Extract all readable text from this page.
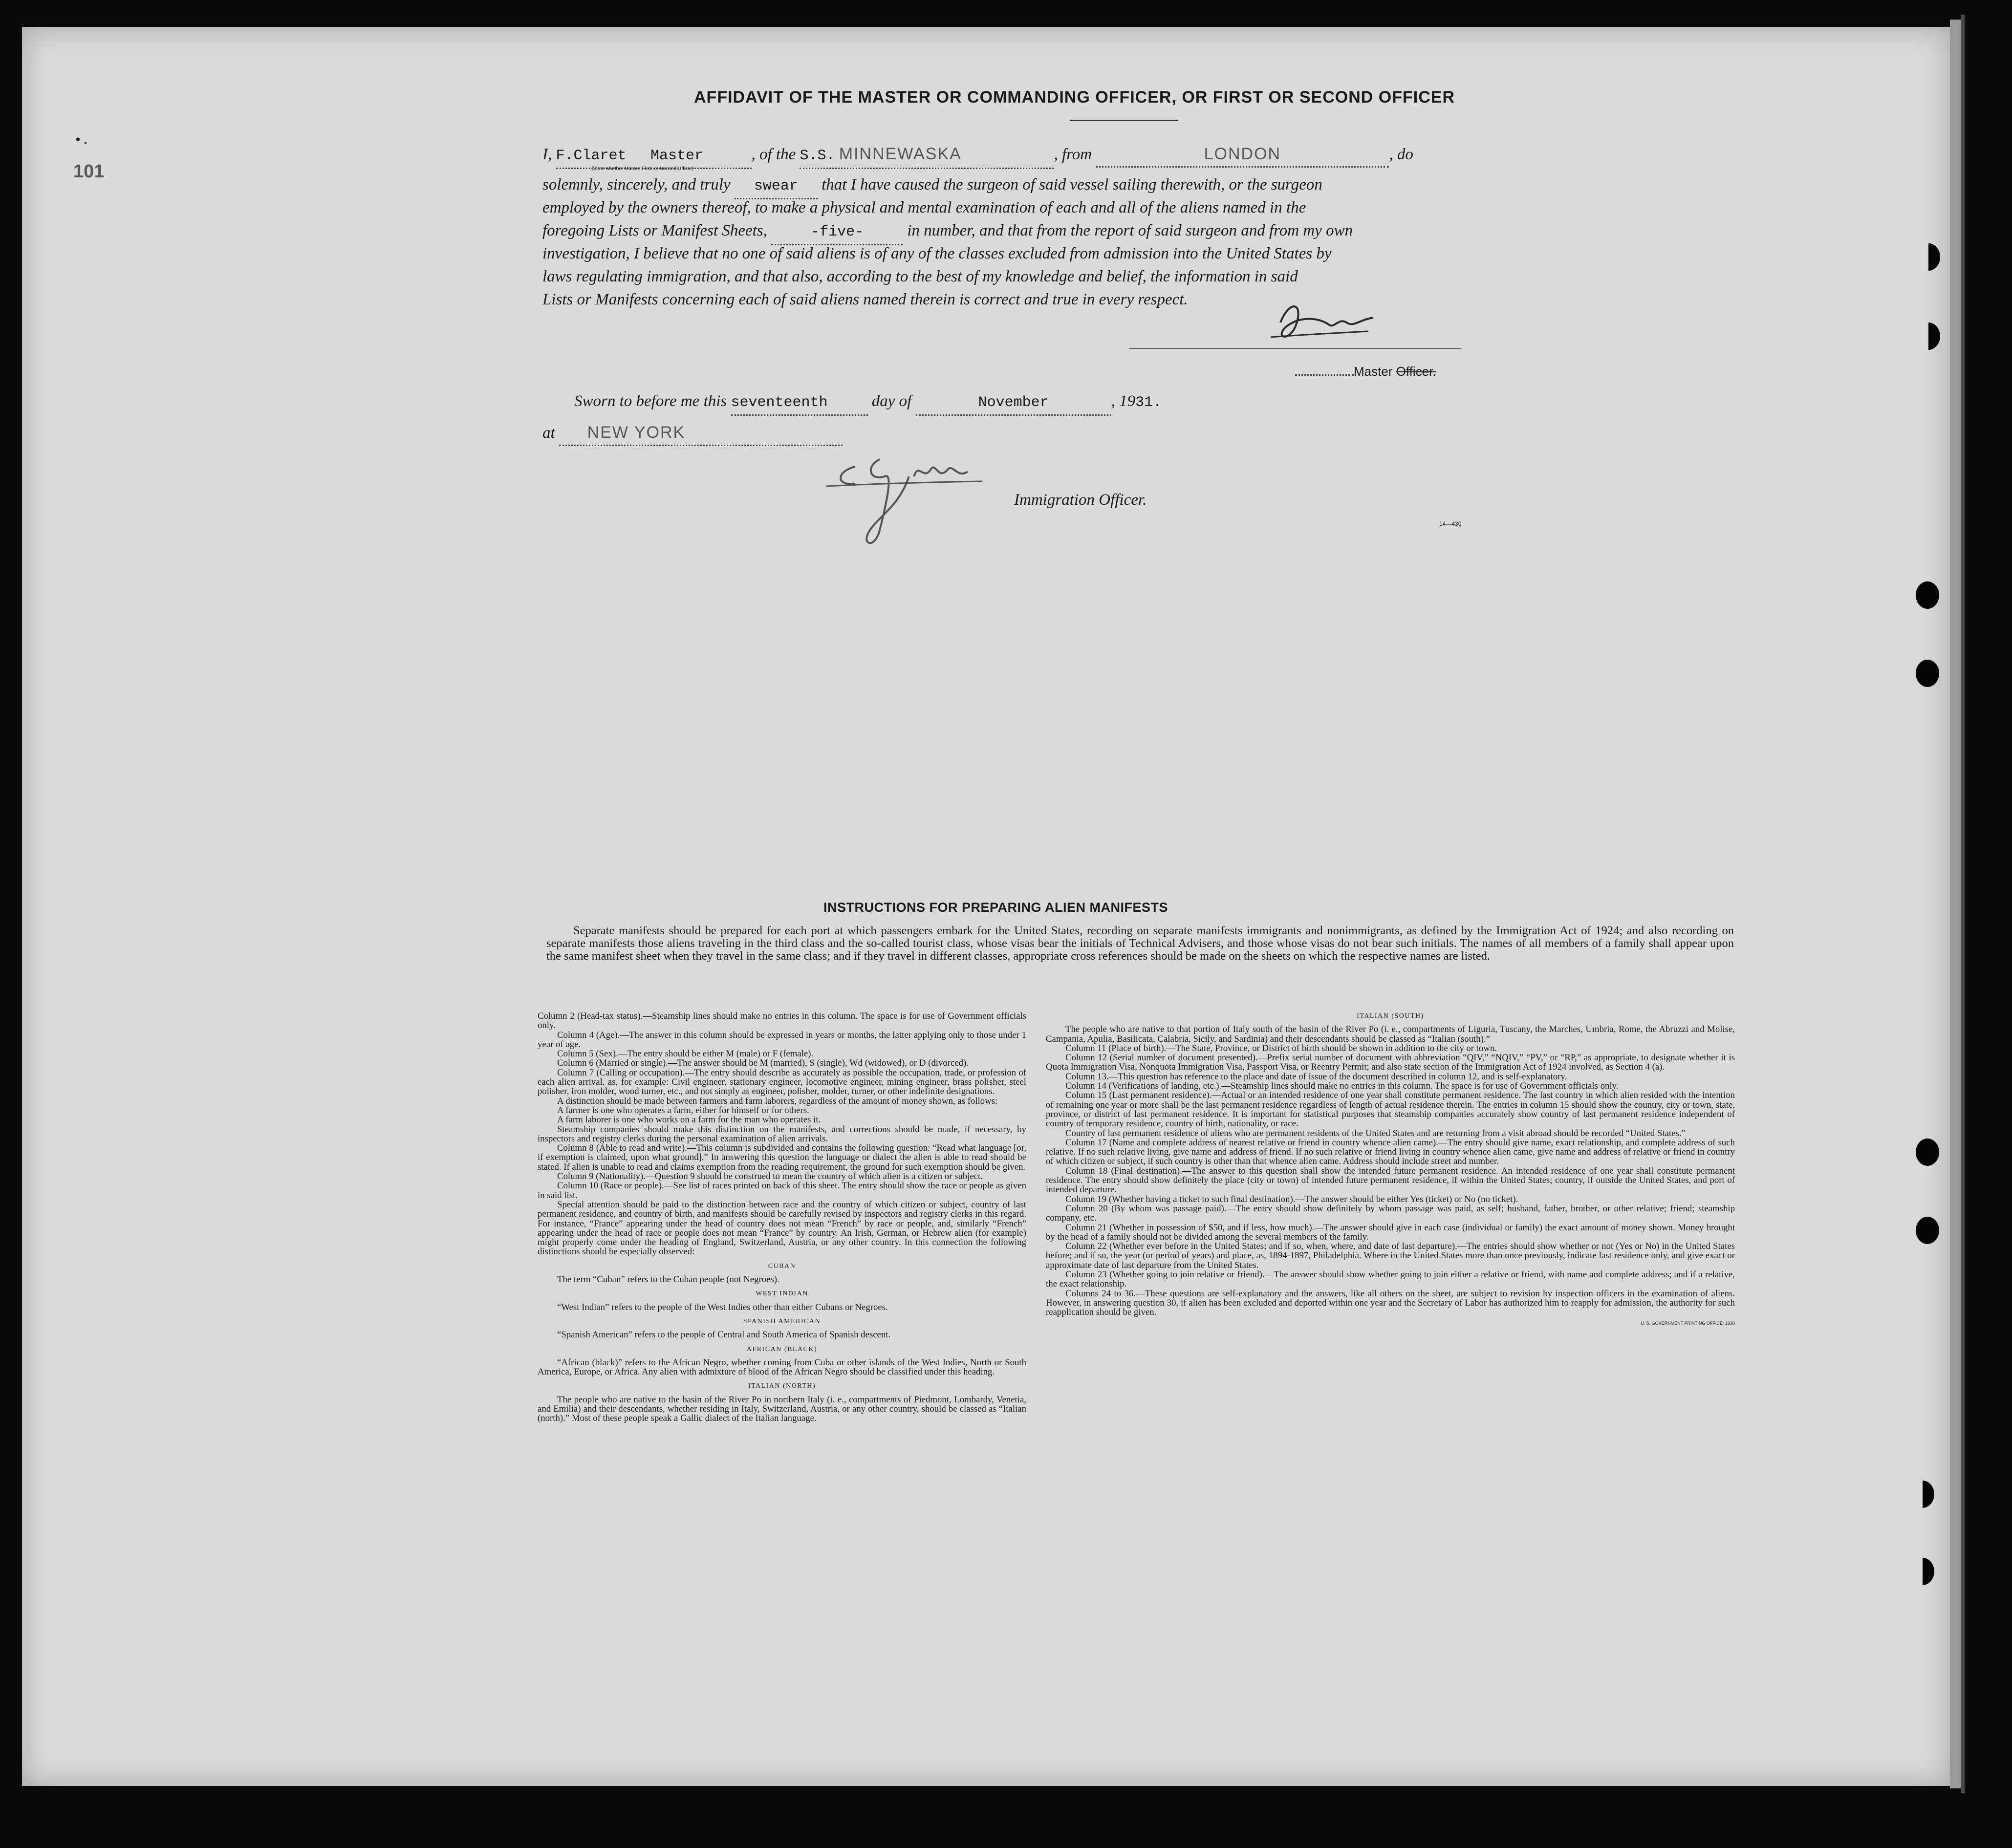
• .
101
AFFIDAVIT OF THE MASTER OR COMMANDING OFFICER, OR FIRST OR SECOND OFFICER
I, F.Claret Master	, of the S.S. MINNEWASKA	, from	LONDON	, do
(State whether Master, First, or Second Officer)
solemnly, sincerely, and truly swear that I have caused the surgeon of said vessel sailing therewith, or the surgeon
employed by the owners thereof, to make a physical and mental examination of each and all of the aliens named in the
foregoing Lists or Manifest Sheets,	-five-	in number, and that from the report of said surgeon and from my own
investigation, I believe that no one of said aliens is of any of the classes excluded from admission into the United States by
laws regulating immigration, and that also, according to the best of my knowledge and belief, the information in said
Lists or Manifests concerning each of said aliens named therein is correct and true in every respect.
Master Officer.
Sworn to before me this seventeenth	day of	November	, 1931.
at NEW YORK
Immigration Officer.
14—430
INSTRUCTIONS FOR PREPARING ALIEN MANIFESTS
Separate manifests should be prepared for each port at which passengers embark for the United States, recording on separate manifests immigrants and nonimmigrants, as defined by the Immigration Act of 1924; and also recording on separate manifests those aliens traveling in the third class and the so-called tourist class, whose visas bear the initials of Technical Advisers, and those whose visas do not bear such initials. The names of all members of a family shall appear upon the same manifest sheet when they travel in the same class; and if they travel in different classes, appropriate cross references should be made on the sheets on which the respective names are listed.

Column 2 (Head-tax status).—Steamship lines should make no entries in this column. The space is for use of Government officials only.

Column 4 (Age).—The answer in this column should be expressed in years or months, the latter applying only to those under 1 year of age.

Column 5 (Sex).—The entry should be either M (male) or F (female).

Column 6 (Married or single).—The answer should be M (married), S (single), Wd (widowed), or D (divorced).

Column 7 (Calling or occupation).—The entry should describe as accurately as possible the occupation, trade, or profession of each alien arrival, as, for example: Civil engineer, stationary engineer, locomotive engineer, mining engineer, brass polisher, steel polisher, iron molder, wood turner, etc., and not simply as engineer, polisher, molder, turner, or other indefinite designations.

A distinction should be made between farmers and farm laborers, regardless of the amount of money shown, as follows:

A farmer is one who operates a farm, either for himself or for others.

A farm laborer is one who works on a farm for the man who operates it.

Steamship companies should make this distinction on the manifests, and corrections should be made, if necessary, by inspectors and registry clerks during the personal examination of alien arrivals.

Column 8 (Able to read and write).—This column is subdivided and contains the following question: “Read what language [or, if exemption is claimed, upon what ground].” In answering this question the language or dialect the alien is able to read should be stated. If alien is unable to read and claims exemption from the reading requirement, the ground for such exemption should be given.

Column 9 (Nationality).—Question 9 should be construed to mean the country of which alien is a citizen or subject.

Column 10 (Race or people).—See list of races printed on back of this sheet. The entry should show the race or people as given in said list.

Special attention should be paid to the distinction between race and the country of which citizen or subject, country of last permanent residence, and country of birth, and manifests should be carefully revised by inspectors and registry clerks in this regard. For instance, “France” appearing under the head of country does not mean “French” by race or people, and, similarly “French” appearing under the head of race or people does not mean “France” by country. An Irish, German, or Hebrew alien (for example) might properly come under the heading of England, Switzerland, Austria, or any other country. In this connection the following distinctions should be especially observed:

CUBAN

The term “Cuban” refers to the Cuban people (not Negroes).

WEST INDIAN

“West Indian” refers to the people of the West Indies other than either Cubans or Negroes.

SPANISH AMERICAN

“Spanish American” refers to the people of Central and South America of Spanish descent.

AFRICAN (BLACK)

“African (black)” refers to the African Negro, whether coming from Cuba or other islands of the West Indies, North or South America, Europe, or Africa. Any alien with admixture of blood of the African Negro should be classified under this heading.

ITALIAN (NORTH)

The people who are native to the basin of the River Po in northern Italy (i. e., compartments of Piedmont, Lombardy, Venetia, and Emilia) and their descendants, whether residing in Italy, Switzerland, Austria, or any other country, should be classed as “Italian (north).” Most of these people speak a Gallic dialect of the Italian language.

ITALIAN (SOUTH)

The people who are native to that portion of Italy south of the basin of the River Po (i. e., compartments of Liguria, Tuscany, the Marches, Umbria, Rome, the Abruzzi and Molise, Campania, Apulia, Basilicata, Calabria, Sicily, and Sardinia) and their descendants should be classed as “Italian (south).”

Column 11 (Place of birth).—The State, Province, or District of birth should be shown in addition to the city or town.

Column 12 (Serial number of document presented).—Prefix serial number of document with abbreviation “QIV,” “NQIV,” “PV,” or “RP,” as appropriate, to designate whether it is Quota Immigration Visa, Nonquota Immigration Visa, Passport Visa, or Reentry Permit; and also state section of the Immigration Act of 1924 involved, as Section 4 (a).

Column 13.—This question has reference to the place and date of issue of the document described in column 12, and is self-explanatory.

Column 14 (Verifications of landing, etc.).—Steamship lines should make no entries in this column. The space is for use of Government officials only.

Column 15 (Last permanent residence).—Actual or an intended residence of one year shall constitute permanent residence. The last country in which alien resided with the intention of remaining one year or more shall be the last permanent residence regardless of length of actual residence therein. The entries in column 15 should show the country, city or town, state, province, or district of last permanent residence. It is important for statistical purposes that steamship companies accurately show country of last permanent residence independent of country of temporary residence, country of birth, nationality, or race.

Country of last permanent residence of aliens who are permanent residents of the United States and are returning from a visit abroad should be recorded “United States.”

Column 17 (Name and complete address of nearest relative or friend in country whence alien came).—The entry should give name, exact relationship, and complete address of such relative. If no such relative living, give name and address of friend. If no such relative or friend living in country whence alien came, give name and address of relative or friend in country of which citizen or subject, if such country is other than that whence alien came. Address should include street and number.

Column 18 (Final destination).—The answer to this question shall show the intended future permanent residence. An intended residence of one year shall constitute permanent residence. The entry should show definitely the place (city or town) of intended future permanent residence, if within the United States; country, if outside the United States, and port of intended departure.

Column 19 (Whether having a ticket to such final destination).—The answer should be either Yes (ticket) or No (no ticket).

Column 20 (By whom was passage paid).—The entry should show definitely by whom passage was paid, as self; husband, father, brother, or other relative; friend; steamship company, etc.

Column 21 (Whether in possession of $50, and if less, how much).—The answer should give in each case (individual or family) the exact amount of money shown. Money brought by the head of a family should not be divided among the several members of the family.

Column 22 (Whether ever before in the United States; and if so, when, where, and date of last departure).—The entries should show whether or not (Yes or No) in the United States before; and if so, the year (or period of years) and place, as, 1894-1897, Philadelphia. Where in the United States more than once previously, indicate last residence only, and give exact or approximate date of last departure from the United States.

Column 23 (Whether going to join relative or friend).—The answer should show whether going to join either a relative or friend, with name and complete address; and if a relative, the exact relationship.

Columns 24 to 36.—These questions are self-explanatory and the answers, like all others on the sheet, are subject to revision by inspection officers in the examination of aliens. However, in answering question 30, if alien has been excluded and deported within one year and the Secretary of Labor has authorized him to reapply for admission, the authority for such reapplication should be given.

U. S. GOVERNMENT PRINTING OFFICE: 1930
